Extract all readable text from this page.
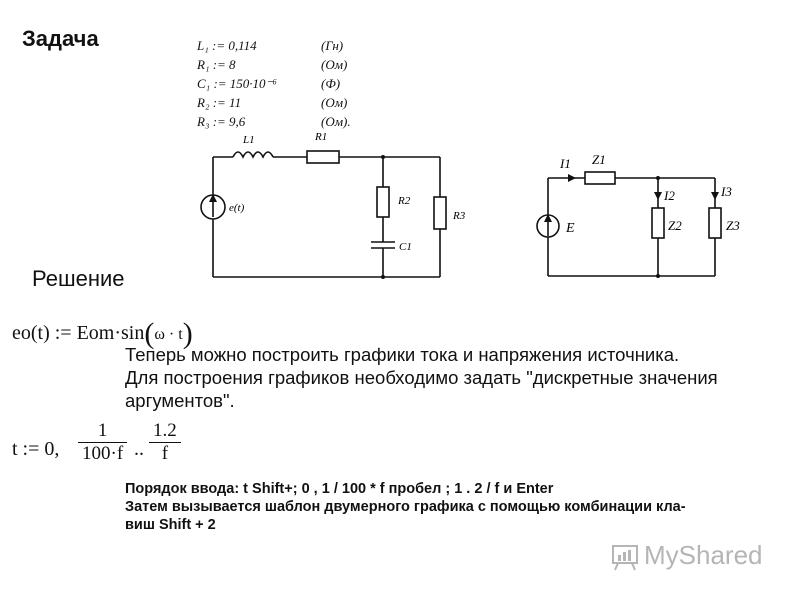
Задача	L₁ := 0,114	(Гн)
R₁ := 8	(Ом)
C₁ := 150·10⁻⁶	(Ф)
R₂ := 11	(Ом)
R₃ := 9,6	(Ом).
e(t)
L1	R1
R2
R3
C1
I1 Z1
I2
Z2
I3
Z3
E
Решение
eo(t) := Eom·sin(ω · t)
Теперь можно построить графики тока и напряжения источника.
Для построения графиков необходимо задать "дискретные значения
аргументов".
t := 0, $\frac{1}{100\cdot f}$ .. $\frac{1.2}{f}$
Порядок ввода: t Shift+; 0 , 1 / 100 * f пробел ; 1 . 2 / f и Enter
Затем вызывается шаблон двумерного графика с помощью комбинации кла-
виш Shift + 2
MyShared
